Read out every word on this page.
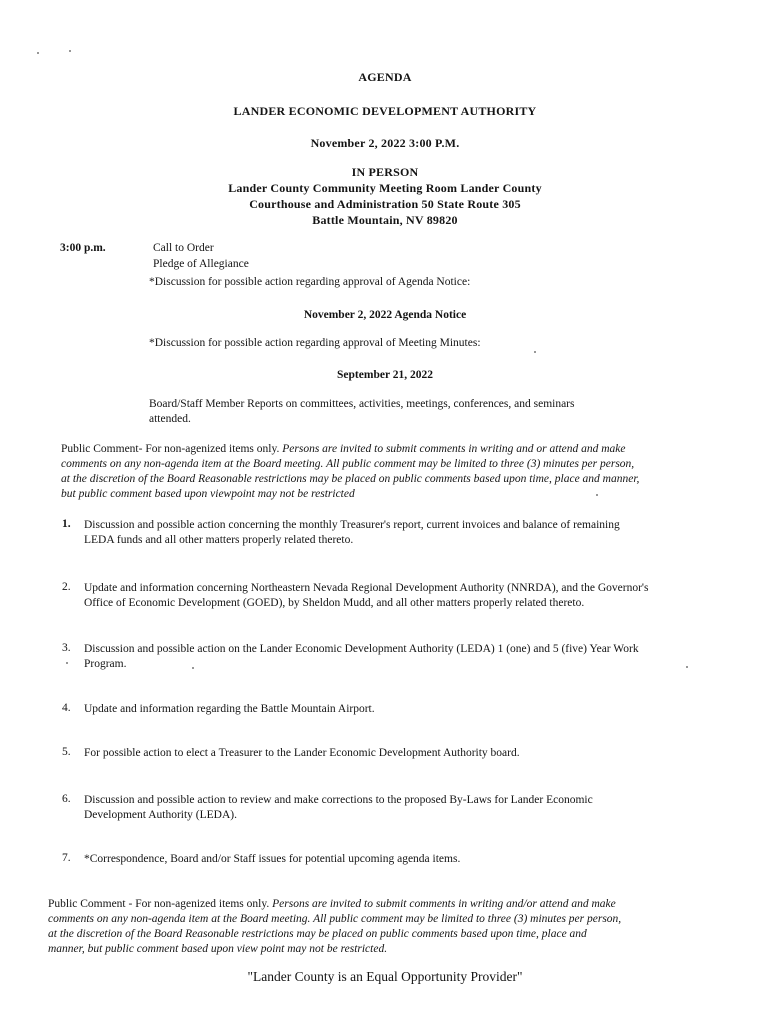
AGENDA
LANDER ECONOMIC DEVELOPMENT AUTHORITY
November 2, 2022 3:00 P.M.
IN PERSON
Lander County Community Meeting Room Lander County
Courthouse and Administration 50 State Route 305
Battle Mountain, NV 89820
3:00 p.m.	Call to Order
Pledge of Allegiance
*Discussion for possible action regarding approval of Agenda Notice:
November 2, 2022 Agenda Notice
*Discussion for possible action regarding approval of Meeting Minutes:
September 21, 2022
Board/Staff Member Reports on committees, activities, meetings, conferences, and seminars
attended.
Public Comment- For non-agenized items only. Persons are invited to submit comments in writing and or attend and make
comments on any non-agenda item at the Board meeting. All public comment may be limited to three (3) minutes per person,
at the discretion of the Board Reasonable restrictions may be placed on public comments based upon time, place and manner,
but public comment based upon viewpoint may not be restricted
1. Discussion and possible action concerning the monthly Treasurer's report, current invoices and balance of remaining
LEDA funds and all other matters properly related thereto.
2. Update and information concerning Northeastern Nevada Regional Development Authority (NNRDA), and the Governor's
Office of Economic Development (GOED), by Sheldon Mudd, and all other matters properly related thereto.
3. Discussion and possible action on the Lander Economic Development Authority (LEDA) 1 (one) and 5 (five) Year Work
Program.
4. Update and information regarding the Battle Mountain Airport.
5. For possible action to elect a Treasurer to the Lander Economic Development Authority board.
6. Discussion and possible action to review and make corrections to the proposed By-Laws for Lander Economic
Development Authority (LEDA).
7. *Correspondence, Board and/or Staff issues for potential upcoming agenda items.
Public Comment - For non-agenized items only. Persons are invited to submit comments in writing and/or attend and make
comments on any non-agenda item at the Board meeting. All public comment may be limited to three (3) minutes per person,
at the discretion of the Board Reasonable restrictions may be placed on public comments based upon time, place and
manner, but public comment based upon view point may not be restricted.
"Lander County is an Equal Opportunity Provider"
